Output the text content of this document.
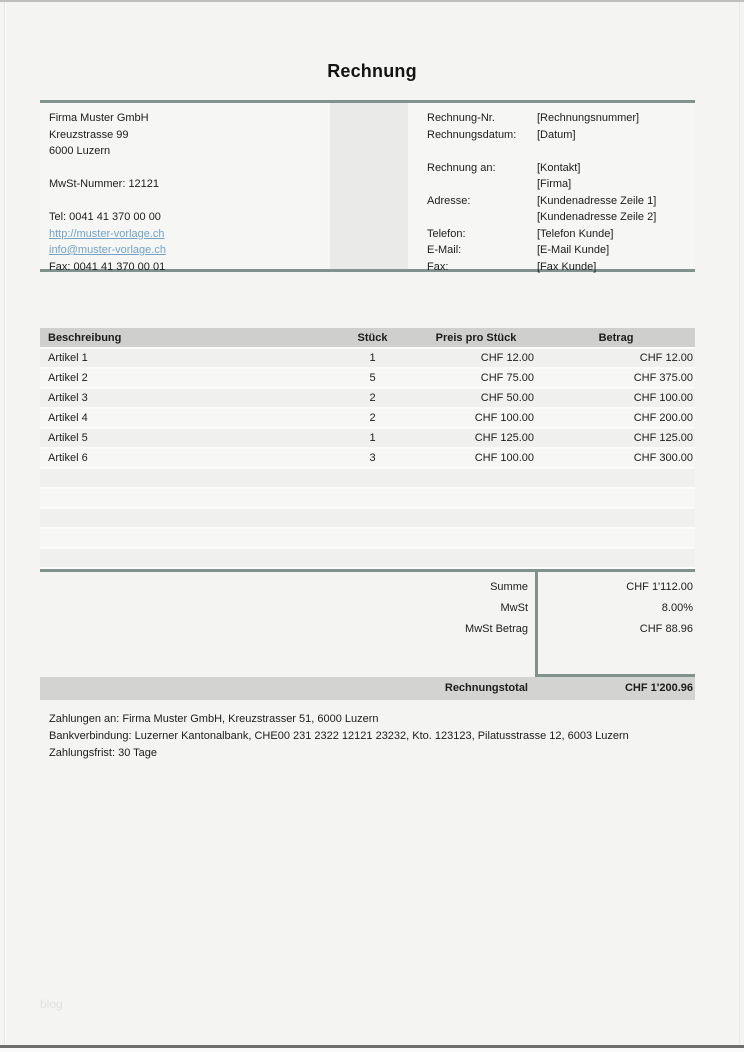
Rechnung
Firma Muster GmbH
Kreuzstrasse 99
6000 Luzern
MwSt-Nummer: 12121
Tel: 0041 41 370 00 00
http://muster-vorlage.ch
info@muster-vorlage.ch
Fax: 0041 41 370 00 01
Rechnung-Nr.	[Rechnungsnummer]
Rechnungsdatum:	[Datum]
Rechnung an:	[Kontakt]
[Firma]
Adresse:	[Kundenadresse Zeile 1]
[Kundenadresse Zeile 2]
Telefon:	[Telefon Kunde]
E-Mail:	[E-Mail Kunde]
Fax:	[Fax Kunde]
Beschreibung	Stück	Preis pro Stück	Betrag
Artikel 1	1	CHF 12.00	CHF 12.00
Artikel 2	5	CHF 75.00	CHF 375.00
Artikel 3	2	CHF 50.00	CHF 100.00
Artikel 4	2	CHF 100.00	CHF 200.00
Artikel 5	1	CHF 125.00	CHF 125.00
Artikel 6	3	CHF 100.00	CHF 300.00
Summe	CHF 1'112.00
MwSt	8.00%
MwSt Betrag	CHF 88.96
Rechnungstotal	CHF 1'200.96
Zahlungen an: Firma Muster GmbH, Kreuzstrasser 51, 6000 Luzern
Bankverbindung: Luzerner Kantonalbank, CHE00 231 2322 12121 23232, Kto. 123123, Pilatusstrasse 12, 6003 Luzern
Zahlungsfrist: 30 Tage
blog
